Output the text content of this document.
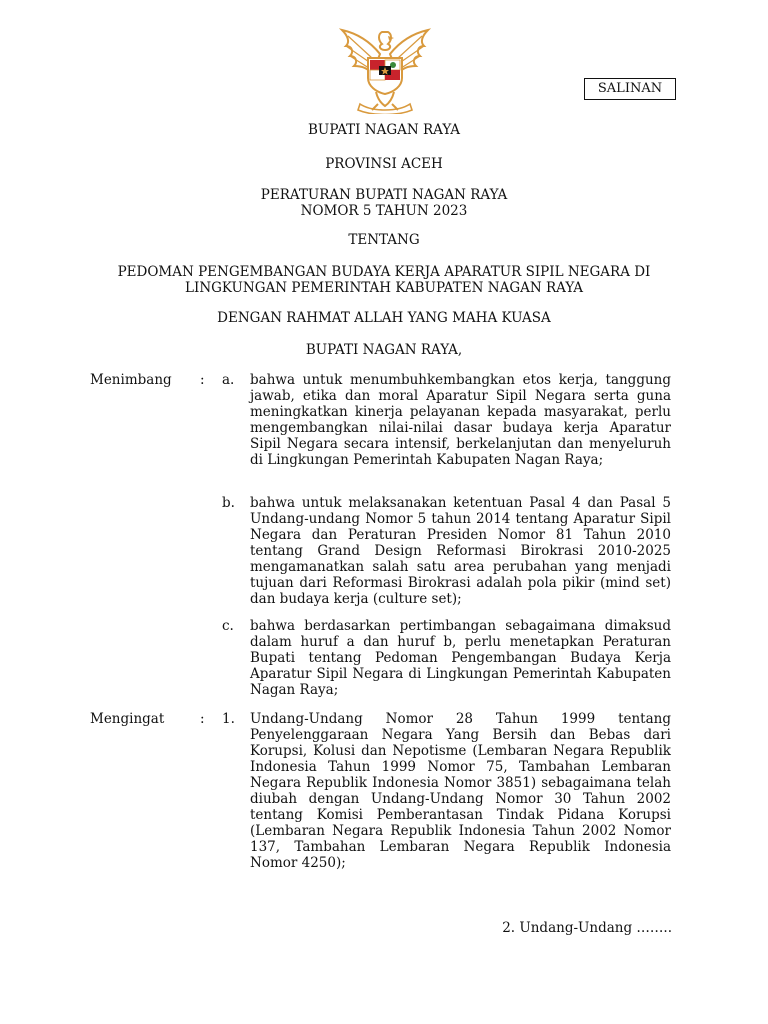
SALINAN
BUPATI NAGAN RAYA
PROVINSI ACEH
PERATURAN BUPATI NAGAN RAYA
NOMOR 5 TAHUN 2023
TENTANG
PEDOMAN PENGEMBANGAN BUDAYA KERJA APARATUR SIPIL NEGARA DI
LINGKUNGAN PEMERINTAH KABUPATEN NAGAN RAYA
DENGAN RAHMAT ALLAH YANG MAHA KUASA
BUPATI NAGAN RAYA,
Menimbang : a.	bahwa untuk menumbuhkembangkan etos kerja, tanggung jawab, etika dan moral Aparatur Sipil Negara serta guna meningkatkan kinerja pelayanan kepada masyarakat, perlu mengembangkan nilai-nilai dasar budaya kerja Aparatur Sipil Negara secara intensif, berkelanjutan dan menyeluruh di Lingkungan Pemerintah Kabupaten Nagan Raya;

b.	bahwa untuk melaksanakan ketentuan Pasal 4 dan Pasal 5 Undang-undang Nomor 5 tahun 2014 tentang Aparatur Sipil Negara dan Peraturan Presiden Nomor 81 Tahun 2010 tentang Grand Design Reformasi Birokrasi 2010-2025 mengamanatkan salah satu area perubahan yang menjadi tujuan dari Reformasi Birokrasi adalah pola pikir (mind set) dan budaya kerja (culture set);

c.	bahwa berdasarkan pertimbangan sebagaimana dimaksud dalam huruf a dan huruf b, perlu menetapkan Peraturan Bupati tentang Pedoman Pengembangan Budaya Kerja Aparatur Sipil Negara di Lingkungan Pemerintah Kabupaten Nagan Raya;

Mengingat	: 1.	Undang-Undang Nomor 28 Tahun 1999 tentang Penyelenggaraan Negara Yang Bersih dan Bebas dari Korupsi, Kolusi dan Nepotisme (Lembaran Negara Republik Indonesia Tahun 1999 Nomor 75, Tambahan Lembaran Negara Republik Indonesia Nomor 3851) sebagaimana telah diubah dengan Undang-Undang Nomor 30 Tahun 2002 tentang Komisi Pemberantasan Tindak Pidana Korupsi (Lembaran Negara Republik Indonesia Tahun 2002 Nomor 137, Tambahan Lembaran Negara Republik Indonesia Nomor 4250);

2. Undang-Undang ……..
